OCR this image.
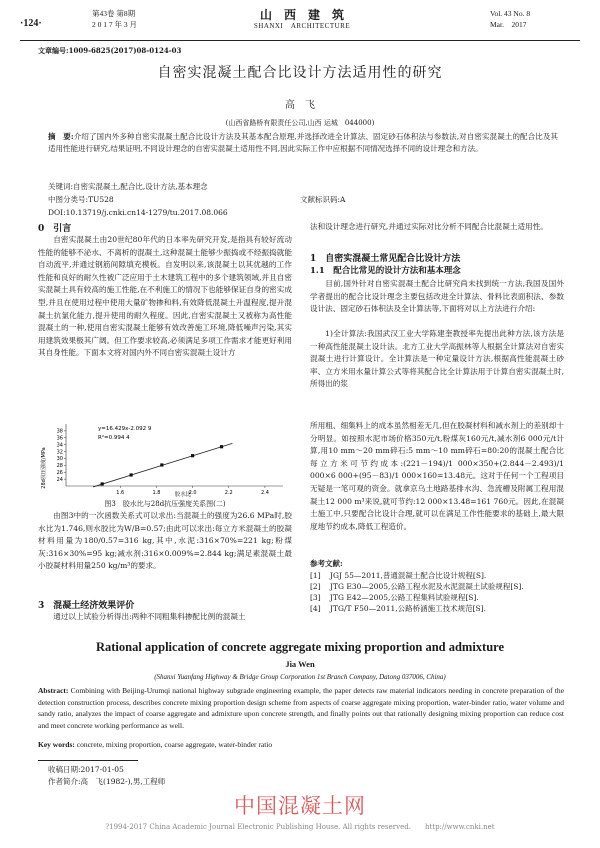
·124·
第43卷 第8期
2 0 1 7 年 3 月
山　西　建　筑
SHANXI　ARCHITECTURE
Vol. 43 No. 8
Mar.　2017
文章编号:1009-6825(2017)08-0124-03
自密实混凝土配合比设计方法适用性的研究
高　飞
(山西省路桥有限责任公司,山西 运城　044000)
摘　要:介绍了国内外多种自密实混凝土配合比设计方法及其基本配合原理,并选择改进全计算法、固定砂石体积法与参数法,对自密实混凝土的配合比及其适用性能进行研究,结果证明,不同设计理念的自密实混凝土适用性不同,因此实际工作中应根据不同情况选择不同的设计理念和方法。
关键词:自密实混凝土,配合比,设计方法,基本理念
中图分类号:TU528	文献标识码:A
DOI:10.13719/j.cnki.cn14-1279/tu.2017.08.066
0　引言
自密实混凝土由20世纪80年代的日本率先研究开发,是指具有较好流动性能的能够不泌水、不离析的混凝土,这种混凝土能够少振捣或不经振捣就能自动流平,并通过钢筋间隙填充模板。自发明以来,该混凝土以其优越的工作性能和良好的耐久性被广泛应用于土木建筑工程中的多个建筑领域,并且自密实混凝土具有较高的施工性能,在不利施工的情况下也能够保证自身的密实成型,并且在使用过程中使用大量矿物掺和料,有效降低混凝土升温程度,提升混凝土抗氯化能力,提升使用的耐久程度。因此,自密实混凝土又被称为高性能混凝土的一种,使用自密实混凝土能够有效改善施工环境,降低噪声污染,其实用建筑效果极其广阔。但工作要求较高,必须满足多项工作需求才能更好利用其自身性能。下面本文将对国内外不同自密实混凝土设计方
28d抗压强度/MPa
1.6	1.8	2.0	2.2	2.4
24
26
28
30
32
34
36
38	y=16.429x-2.092 9
R²=0.994 4
胶水比
图3　胶水比与28d抗压强度关系图(二)
由图3中的一次函数关系式可以求出:当混凝土的强度为26.6 MPa时,胶水比为1.746,则水胶比为W/B=0.57;由此可以求出:每立方米混凝土的胶凝材料用量为180/0.57=316 kg,其中,水泥:316×70%=221 kg;粉煤灰:316×30%=95 kg;减水剂:316×0.009%=2.844 kg;满足素混凝土最小胶凝材料用量250 kg/m³的要求。
3　混凝土经济效果评价
通过以上试验分析得出:两种不同粗集料掺配比例的混凝土
法和设计理念进行研究,并通过实际对比分析不同配合比混凝土适用性。
1　自密实混凝土常见配合比设计方法
1.1　配合比常见的设计方法和基本理念
目前,国外针对自密实混凝土配合比研究尚未找到统一方法,我国及国外学者提出的配合比设计理念主要包括改进全计算法、骨料比表面积法、参数设计法、固定砂石体积法及全计算法等,下面将对以上方法进行介绍:
1)全计算法:我国武汉工业大学陈建奎教授率先提出此种方法,该方法是一种高性能混凝土设计法。北方工业大学高振林等人根据全计算法对自密实混凝土进行计算设计。全计算法是一种定量设计方法,根据高性能混凝土砂率、立方米用水量计算公式等将其配合比全计算法用于计算自密实混凝土时,所得出的浆
所用粗、细集料上的成本虽然相差无几,但在胶凝材料和减水剂上的差别却十分明显。如按照水泥市场价格350元/t,粉煤灰160元/t,减水剂6 000元/t计算,用10 mm～20 mm碎石:5 mm～10 mm碎石=80:20的混凝土配合比每立方米可节约成本:(221－194)/1 000×350+(2.844－2.493)/1 000×6 000+(95－83)/1 000×160=13.48元。这对于任何一个工程项目无疑是一笔可观的资金。就拿京乌土地路基排水沟、急流槽及附属工程用混凝土12 000 m³来说,就可节约:12 000×13.48=161 760元。因此,在混凝土施工中,只要配合比设计合理,就可以在满足工作性能要求的基础上,最大限度地节约成本,降低工程造价。
参考文献:
[1]	JGJ 55—2011,普通混凝土配合比设计规程[S].
[2]	JTG E30—2005,公路工程水泥及水泥混凝土试验规程[S].
[3]	JTG E42—2005,公路工程集料试验规程[S].
[4]	JTG/T F50—2011,公路桥涵施工技术规范[S].
Rational application of concrete aggregate mixing proportion and admixture
Jia Wen
(Shanxi Yuanfang Highway & Bridge Group Corporation 1st Branch Company, Datong 037006, China)
Abstract: Combining with Beijing-Urumqi national highway subgrade engineering example, the paper detects raw material indicators needing in concrete preparation of the detection construction process, describes concrete mixing proportion design scheme from aspects of coarse aggregate mixing proportion, water-binder ratio, water volume and sandy ratio, analyzes the impact of coarse aggregate and admixture upon concrete strength, and finally points out that rationally designing mixing proportion can reduce cost and meet concrete working performance as well.
Key words: concrete, mixing proportion, coarse aggregate, water-binder ratio
收稿日期:2017-01-05
作者简介:高　飞(1982-),男,工程师
中国混凝土网
?1994-2017 China Academic Journal Electronic Publishing House. All rights reserved.　　http://www.cnki.net
